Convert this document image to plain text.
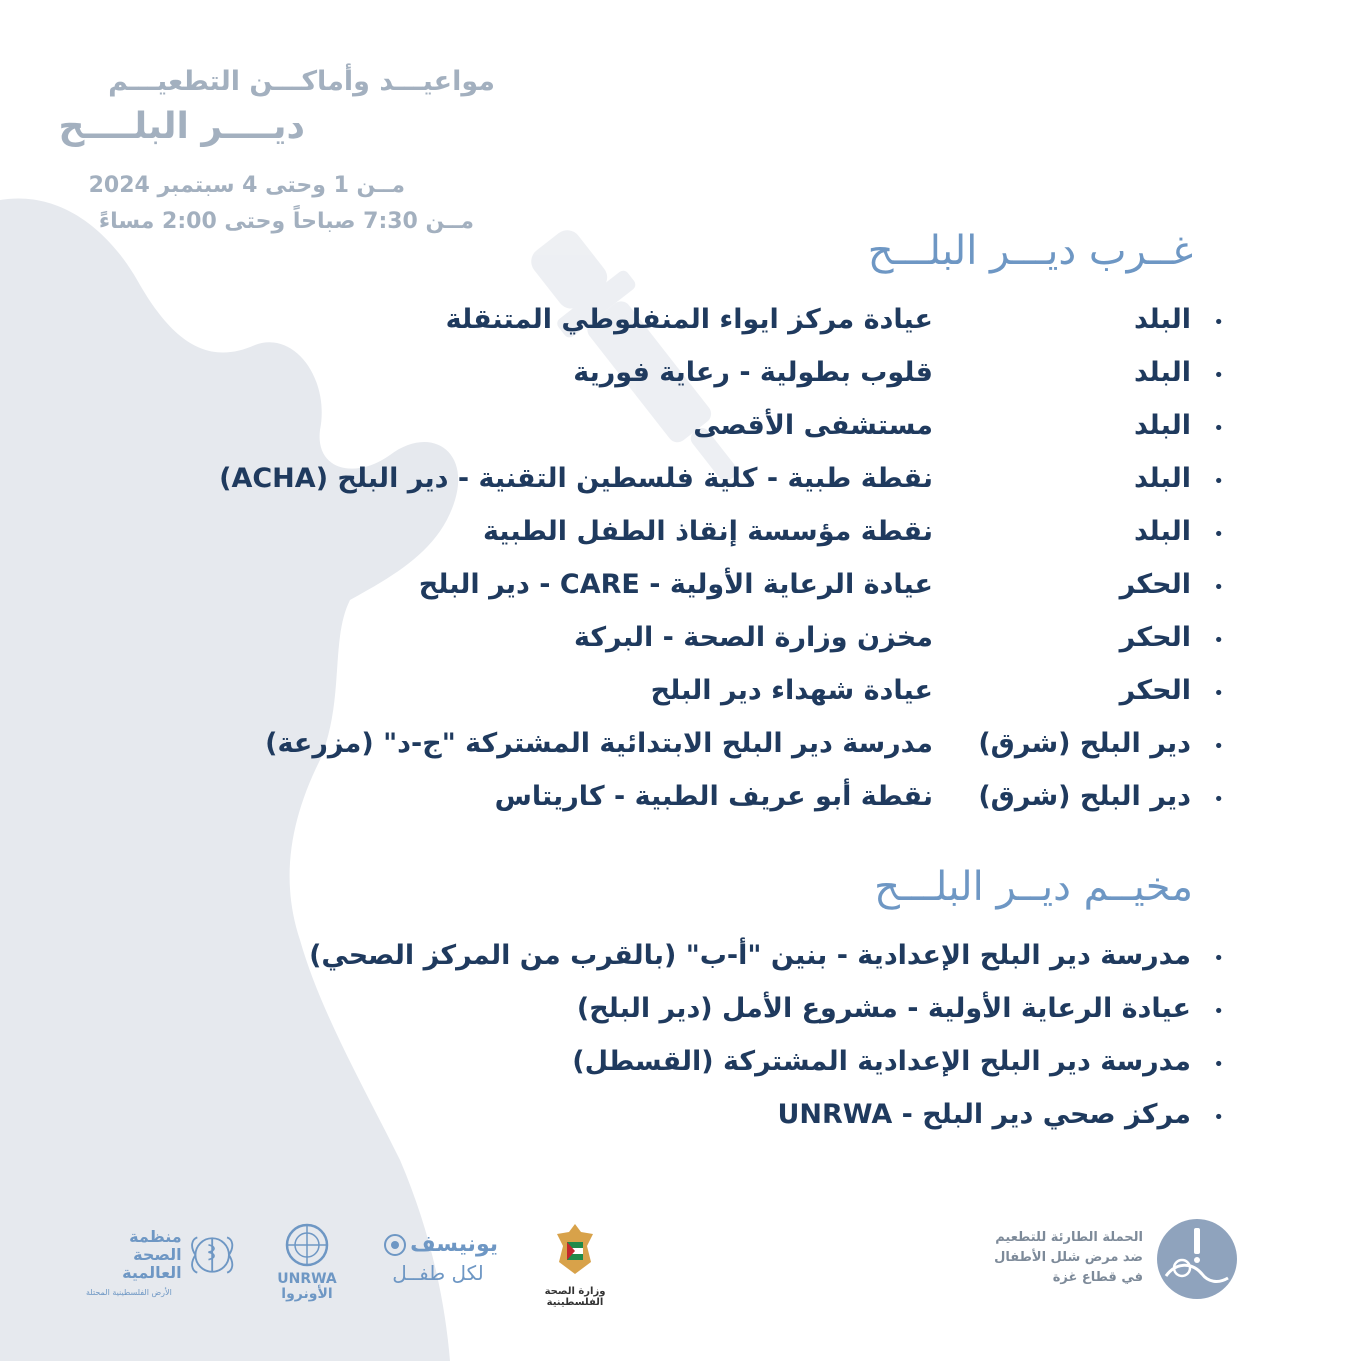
مواعيـــد وأماكـــن التطعيـــم
ديــــر البلــــح
مــن 1 وحتى 4 سبتمبر 2024
مــن 7:30 صباحاً وحتى 2:00 مساءً
غــرب ديـــر البلـــح
•
البلد
عيادة مركز ايواء المنفلوطي المتنقلة
•
البلد
قلوب بطولية - رعاية فورية
•
البلد
مستشفى الأقصى
•
البلد
نقطة طبية - كلية فلسطين التقنية - دير البلح (ACHA)
•
البلد
نقطة مؤسسة إنقاذ الطفل الطبية
•
الحكر
عيادة الرعاية الأولية - CARE - دير البلح
•
الحكر
مخزن وزارة الصحة - البركة
•
الحكر
عيادة شهداء دير البلح
•
دير البلح (شرق)
مدرسة دير البلح الابتدائية المشتركة "ج-د" (مزرعة)
•
دير البلح (شرق)
نقطة أبو عريف الطبية - كاريتاس
مخيــم ديــر البلـــح
•
مدرسة دير البلح الإعدادية - بنين "أ-ب" (بالقرب من المركز الصحي)
•
عيادة الرعاية الأولية - مشروع الأمل (دير البلح)
•
مدرسة دير البلح الإعدادية المشتركة (القسطل)
•
مركز صحي دير البلح - UNRWA
الحملة الطارئة للتطعيم
ضد مرض شلل الأطفال
في قطاع غزة
وزارة الصحة الفلسطينية
يونيسف
لكل طفــل
UNRWA
الأونروا
منظمة
الصحة العالمية
الأرض الفلسطينية المحتلة
